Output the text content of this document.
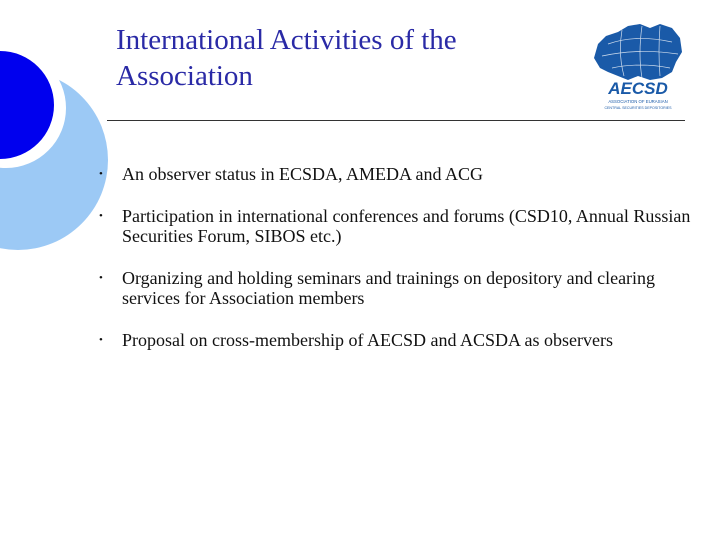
International Activities of the
Association	AECSD
ASSOCIATION OF EURASIAN
CENTRAL SECURITIES DEPOSITORIES
• An observer status in ECSDA, AMEDA and ACG
• Participation in international conferences and forums (CSD10, Annual Russian Securities Forum, SIBOS etc.)
• Organizing and holding seminars and trainings on depository and clearing services for Association members
• Proposal on cross-membership of AECSD and ACSDA as observers
